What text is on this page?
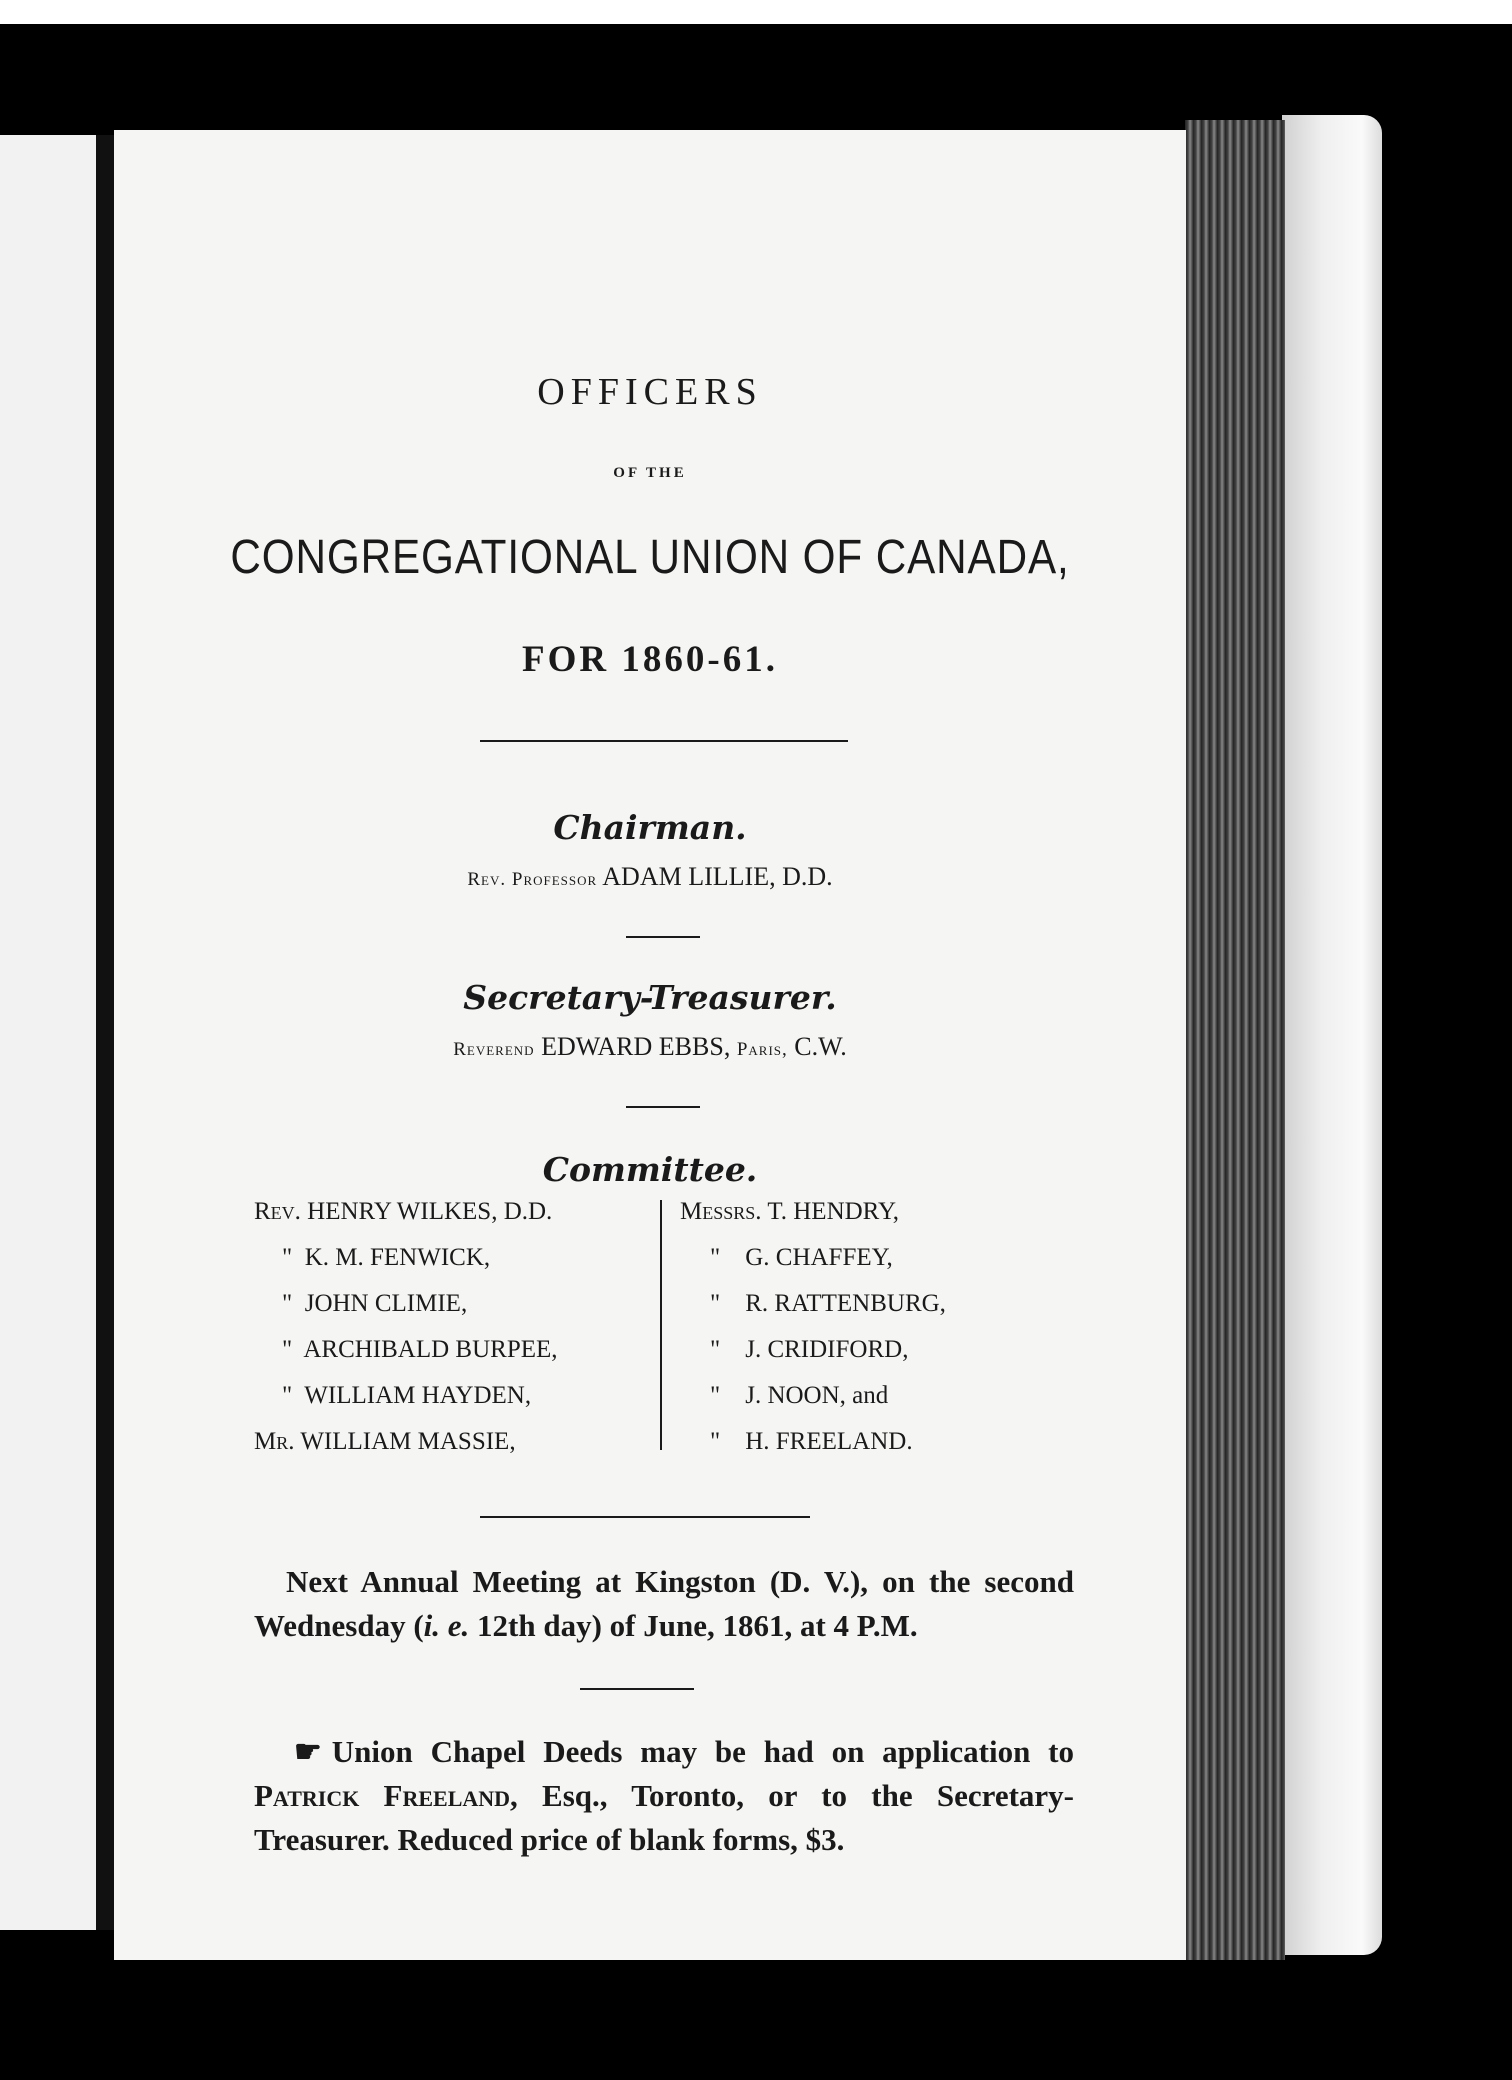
OFFICERS
OF THE
CONGREGATIONAL UNION OF CANADA,
FOR 1860-61.
Chairman.
Rev. Professor ADAM LILLIE, D.D.
Secretary-Treasurer.
Reverend EDWARD EBBS, Paris, C.W.
Committee.
Rev. HENRY WILKES, D.D.
" K. M. FENWICK,
" JOHN CLIMIE,
" ARCHIBALD BURPEE,
" WILLIAM HAYDEN,
Mr. WILLIAM MASSIE,
Messrs. T. HENDRY,
" G. CHAFFEY,
" R. RATTENBURG,
" J. CRIDIFORD,
" J. NOON, and
" H. FREELAND.
Next Annual Meeting at Kingston (D. V.), on the second Wednesday (i. e. 12th day) of June, 1861, at 4 P.M.
☛ Union Chapel Deeds may be had on application to Patrick Freeland, Esq., Toronto, or to the Secretary-Treasurer. Reduced price of blank forms, $3.
